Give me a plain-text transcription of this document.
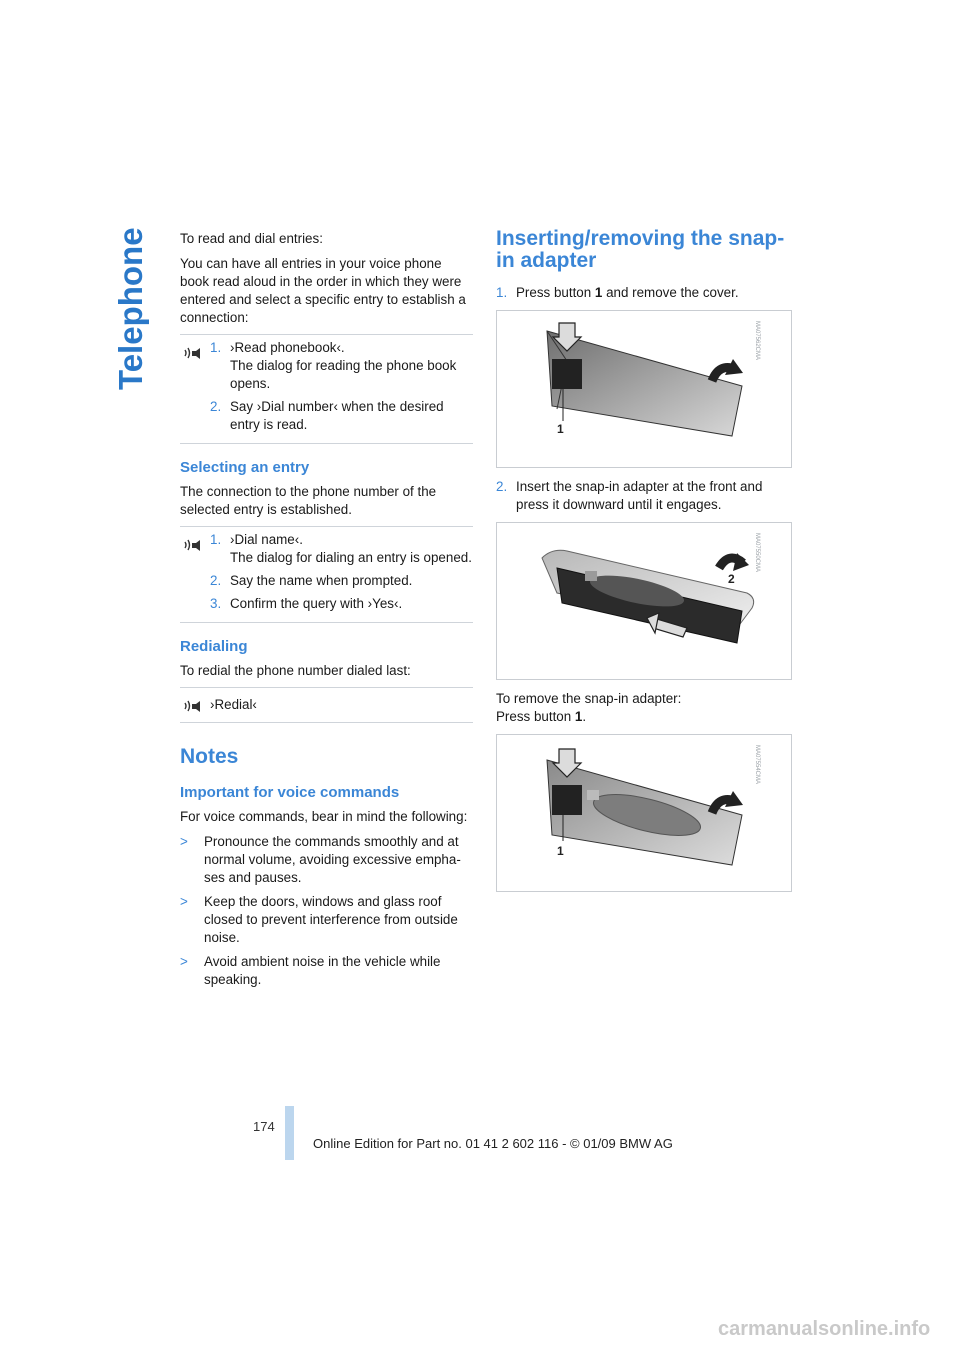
Telephone To read and dial entries:

You can have all entries in your voice phone book read aloud in the order in which they were entered and select a specific entry to establish a connection:

1. ›Read phonebook‹.
The dialog for reading the phone book opens.
2. Say ›Dial number‹ when the desired entry is read.
Selecting an entry

The connection to the phone number of the selected entry is established.

1. ›Dial name‹.
The dialog for dialing an entry is opened.
2. Say the name when prompted.
3. Confirm the query with ›Yes‹.
Redialing

To redial the phone number dialed last:

›Redial‹
Notes
Important for voice commands

For voice commands, bear in mind the following:

> Pronounce the commands smoothly and at normal volume, avoiding excessive empha-ses and pauses.
> Keep the doors, windows and glass roof closed to prevent interference from outside noise.
> Avoid ambient noise in the vehicle while speaking.
Inserting/removing the snap-in adapter
1. Press button 1 and remove the cover.
1
MA07562CMA
2. Insert the snap-in adapter at the front and press it downward until it engages.
2
MA07550CMA

To remove the snap-in adapter:

Press button 1.

1
MA07554CMA
174
Online Edition for Part no. 01 41 2 602 116 - © 01/09 BMW AG
carmanualsonline.info
